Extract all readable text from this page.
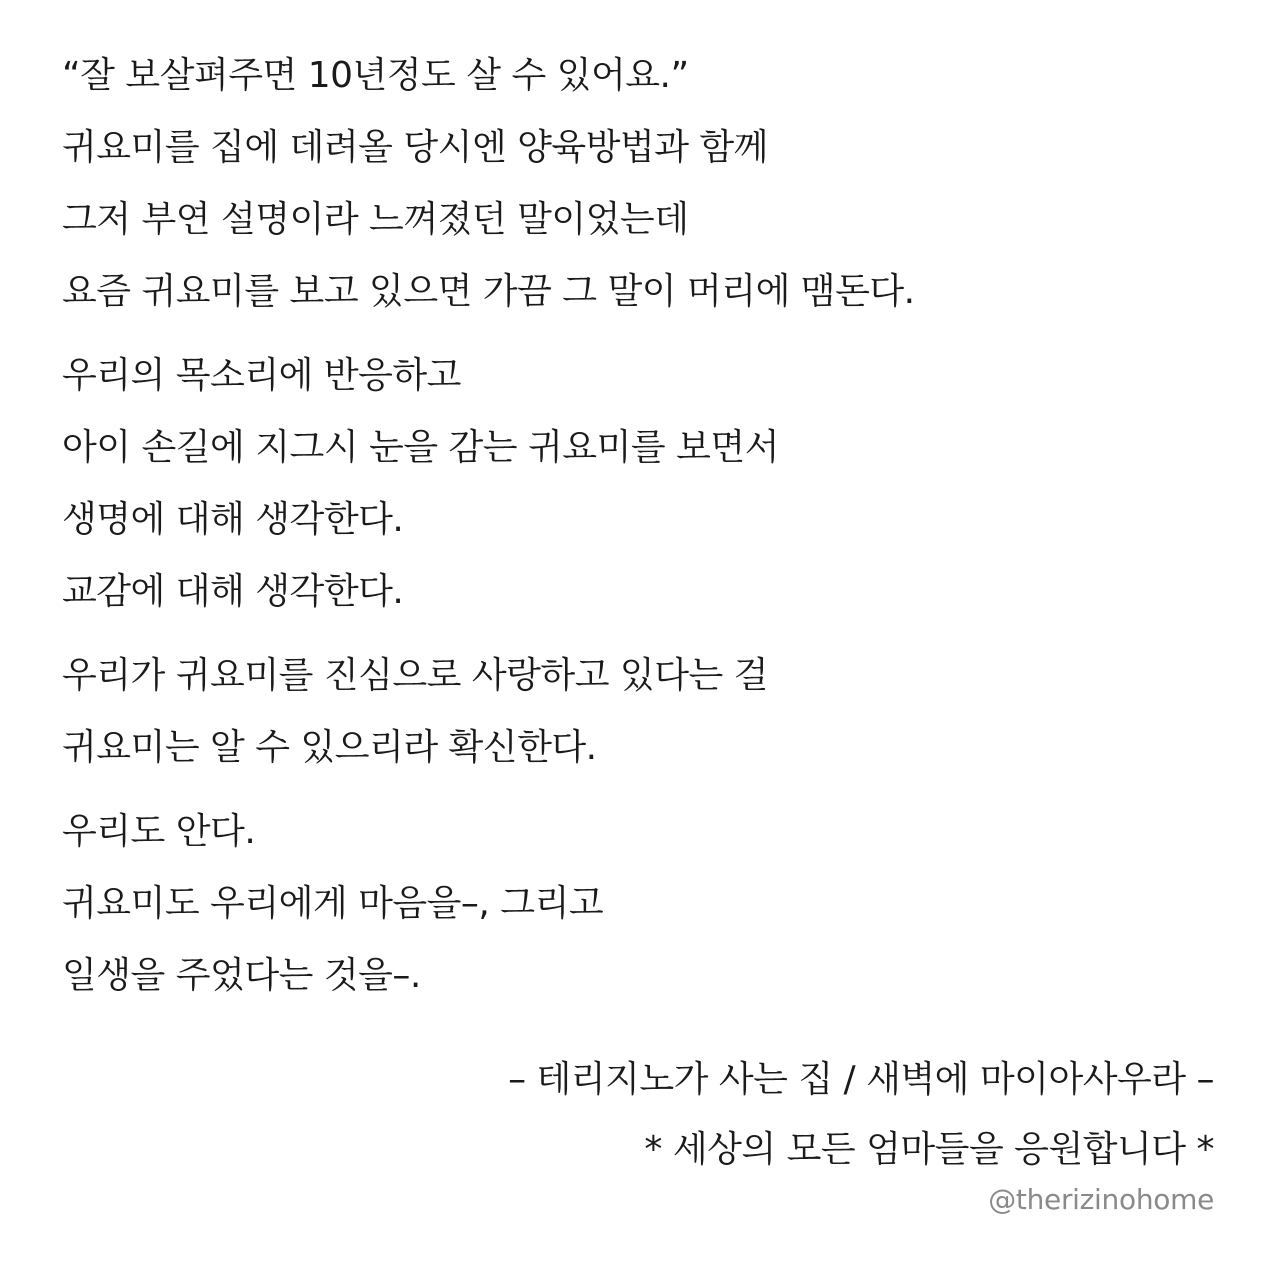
“잘 보살펴주면 10년정도 살 수 있어요.”
귀요미를 집에 데려올 당시엔 양육방법과 함께
그저 부연 설명이라 느껴졌던 말이었는데
요즘 귀요미를 보고 있으면 가끔 그 말이 머리에 맴돈다.
우리의 목소리에 반응하고
아이 손길에 지그시 눈을 감는 귀요미를 보면서
생명에 대해 생각한다.
교감에 대해 생각한다.
우리가 귀요미를 진심으로 사랑하고 있다는 걸
귀요미는 알 수 있으리라 확신한다.
우리도 안다.
귀요미도 우리에게 마음을–, 그리고
일생을 주었다는 것을–.
– 테리지노가 사는 집 / 새벽에 마이아사우라 –
* 세상의 모든 엄마들을 응원합니다 *
@therizinohome
